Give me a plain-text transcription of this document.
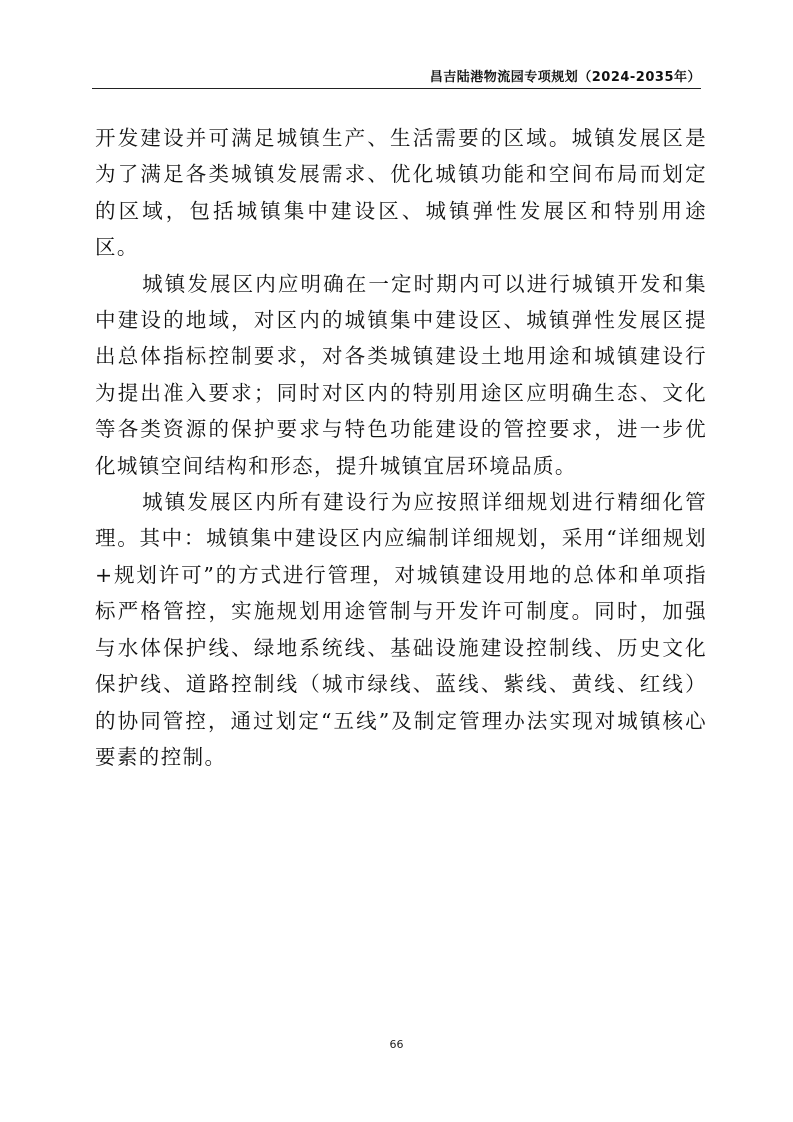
昌吉陆港物流园专项规划（2024-2035年）

开发建设并可满足城镇生产、生活需要的区域。城镇发展区是为了满足各类城镇发展需求、优化城镇功能和空间布局而划定的区域，包括城镇集中建设区、城镇弹性发展区和特别用途区。

城镇发展区内应明确在一定时期内可以进行城镇开发和集中建设的地域，对区内的城镇集中建设区、城镇弹性发展区提出总体指标控制要求，对各类城镇建设土地用途和城镇建设行为提出准入要求；同时对区内的特别用途区应明确生态、文化等各类资源的保护要求与特色功能建设的管控要求，进一步优化城镇空间结构和形态，提升城镇宜居环境品质。

城镇发展区内所有建设行为应按照详细规划进行精细化管理。其中：城镇集中建设区内应编制详细规划，采用“详细规划+规划许可”的方式进行管理，对城镇建设用地的总体和单项指标严格管控，实施规划用途管制与开发许可制度。同时，加强与水体保护线、绿地系统线、基础设施建设控制线、历史文化保护线、道路控制线（城市绿线、蓝线、紫线、黄线、红线）的协同管控，通过划定“五线”及制定管理办法实现对城镇核心要素的控制。

66
